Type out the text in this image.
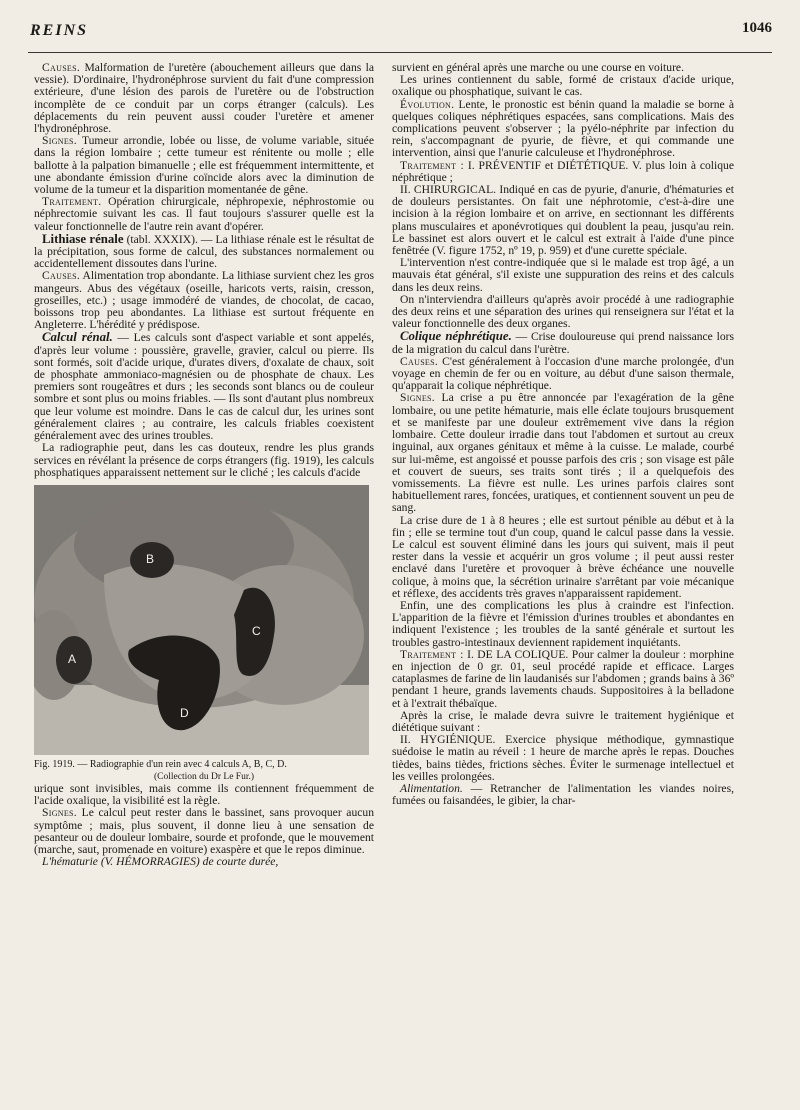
REINS	1046

Causes. Malformation de l'uretère (abouchement ailleurs que dans la vessie). D'ordinaire, l'hydronéphrose survient du fait d'une compression extérieure, d'une lésion des parois de l'uretère ou de l'obstruction incomplète de ce conduit par un corps étranger (calculs). Les déplacements du rein peuvent aussi couder l'uretère et amener l'hydronéphrose.

Signes. Tumeur arrondie, lobée ou lisse, de volume variable, située dans la région lombaire ; cette tumeur est rénitente ou molle ; elle ballotte à la palpation bimanuelle ; elle est fréquemment intermittente, et une abondante émission d'urine coïncide alors avec la diminution de volume de la tumeur et la disparition momentanée de gêne.

Traitement. Opération chirurgicale, néphropexie, néphrostomie ou néphrectomie suivant les cas. Il faut toujours s'assurer quelle est la valeur fonctionnelle de l'autre rein avant d'opérer.

Lithiase rénale (tabl. XXXIX). — La lithiase rénale est le résultat de la précipitation, sous forme de calcul, des substances normalement ou accidentellement dissoutes dans l'urine.

Causes. Alimentation trop abondante. La lithiase survient chez les gros mangeurs. Abus des végétaux (oseille, haricots verts, raisin, cresson, groseilles, etc.) ; usage immodéré de viandes, de chocolat, de cacao, boissons trop peu abondantes. La lithiase est surtout fréquente en Angleterre. L'hérédité y prédispose.

Calcul rénal. — Les calculs sont d'aspect variable et sont appelés, d'après leur volume : poussière, gravelle, gravier, calcul ou pierre. Ils sont formés, soit d'acide urique, d'urates divers, d'oxalate de chaux, soit de phosphate ammoniaco-magnésien ou de phosphate de chaux. Les premiers sont rougeâtres et durs ; les seconds sont blancs ou de couleur sombre et sont plus ou moins friables. — Ils sont d'autant plus nombreux que leur volume est moindre. Dans le cas de calcul dur, les urines sont généralement claires ; au contraire, les calculs friables coexistent généralement avec des urines troubles.

La radiographie peut, dans les cas douteux, rendre les plus grands services en révélant la présence de corps étrangers (fig. 1919), les calculs phosphatiques apparaissent nettement sur le cliché ; les calculs d'acide

B
C
A
D

Fig. 1919. — Radiographie d'un rein avec 4 calculs A, B, C, D.

(Collection du Dr Le Fur.)

urique sont invisibles, mais comme ils contiennent fréquemment de l'acide oxalique, la visibilité est la règle.

Signes. Le calcul peut rester dans le bassinet, sans provoquer aucun symptôme ; mais, plus souvent, il donne lieu à une sensation de pesanteur ou de douleur lombaire, sourde et profonde, que le mouvement (marche, saut, promenade en voiture) exaspère et que le repos diminue.

L'hématurie (V. HÉMORRAGIES) de courte durée,

survient en général après une marche ou une course en voiture.

Les urines contiennent du sable, formé de cristaux d'acide urique, oxalique ou phosphatique, suivant le cas.

Évolution. Lente, le pronostic est bénin quand la maladie se borne à quelques coliques néphrétiques espacées, sans complications. Mais des complications peuvent s'observer ; la pyélo-néphrite par infection du rein, s'accompagnant de pyurie, de fièvre, et qui commande une intervention, ainsi que l'anurie calculeuse et l'hydronéphrose.

Traitement : I. PRÉVENTIF et DIÉTÉTIQUE. V. plus loin à colique néphrétique ;

II. CHIRURGICAL. Indiqué en cas de pyurie, d'anurie, d'hématuries et de douleurs persistantes. On fait une néphrotomie, c'est-à-dire une incision à la région lombaire et on arrive, en sectionnant les différents plans musculaires et aponévrotiques qui doublent la peau, jusqu'au rein. Le bassinet est alors ouvert et le calcul est extrait à l'aide d'une pince fenêtrée (V. figure 1752, nº 19, p. 959) et d'une curette spéciale.

L'intervention n'est contre-indiquée que si le malade est trop âgé, a un mauvais état général, s'il existe une suppuration des reins et des calculs dans les deux reins.

On n'interviendra d'ailleurs qu'après avoir procédé à une radiographie des deux reins et une séparation des urines qui renseignera sur l'état et la valeur fonctionnelle des deux organes.

Colique néphrétique. — Crise douloureuse qui prend naissance lors de la migration du calcul dans l'urètre.

Causes. C'est généralement à l'occasion d'une marche prolongée, d'un voyage en chemin de fer ou en voiture, au début d'une saison thermale, qu'apparait la colique néphrétique.

Signes. La crise a pu être annoncée par l'exagération de la gêne lombaire, ou une petite hématurie, mais elle éclate toujours brusquement et se manifeste par une douleur extrêmement vive dans la région lombaire. Cette douleur irradie dans tout l'abdomen et surtout au creux inguinal, aux organes génitaux et même à la cuisse. Le malade, courbé sur lui-même, est angoissé et pousse parfois des cris ; son visage est pâle et couvert de sueurs, ses traits sont tirés ; il a quelquefois des vomissements. La fièvre est nulle. Les urines parfois claires sont habituellement rares, foncées, uratiques, et contiennent souvent un peu de sang.

La crise dure de 1 à 8 heures ; elle est surtout pénible au début et à la fin ; elle se termine tout d'un coup, quand le calcul passe dans la vessie. Le calcul est souvent éliminé dans les jours qui suivent, mais il peut rester dans la vessie et acquérir un gros volume ; il peut aussi rester enclavé dans l'uretère et provoquer à brève échéance une nouvelle colique, à moins que, la sécrétion urinaire s'arrêtant par voie mécanique et réflexe, des accidents très graves n'apparaissent rapidement.

Enfin, une des complications les plus à craindre est l'infection. L'apparition de la fièvre et l'émission d'urines troubles et abondantes en indiquent l'existence ; les troubles de la santé générale et surtout les troubles gastro-intestinaux deviennent rapidement inquiétants.

Traitement : I. DE LA COLIQUE. Pour calmer la douleur : morphine en injection de 0 gr. 01, seul procédé rapide et efficace. Larges cataplasmes de farine de lin laudanisés sur l'abdomen ; grands bains à 36º pendant 1 heure, grands lavements chauds. Suppositoires à la belladone et à l'extrait thébaïque.

Après la crise, le malade devra suivre le traitement hygiénique et diététique suivant :

II. HYGIÉNIQUE. Exercice physique méthodique, gymnastique suédoise le matin au réveil : 1 heure de marche après le repas. Douches tièdes, bains tièdes, frictions sèches. Éviter le surmenage intellectuel et les veilles prolongées.

Alimentation. — Retrancher de l'alimentation les viandes noires, fumées ou faisandées, le gibier, la char-
